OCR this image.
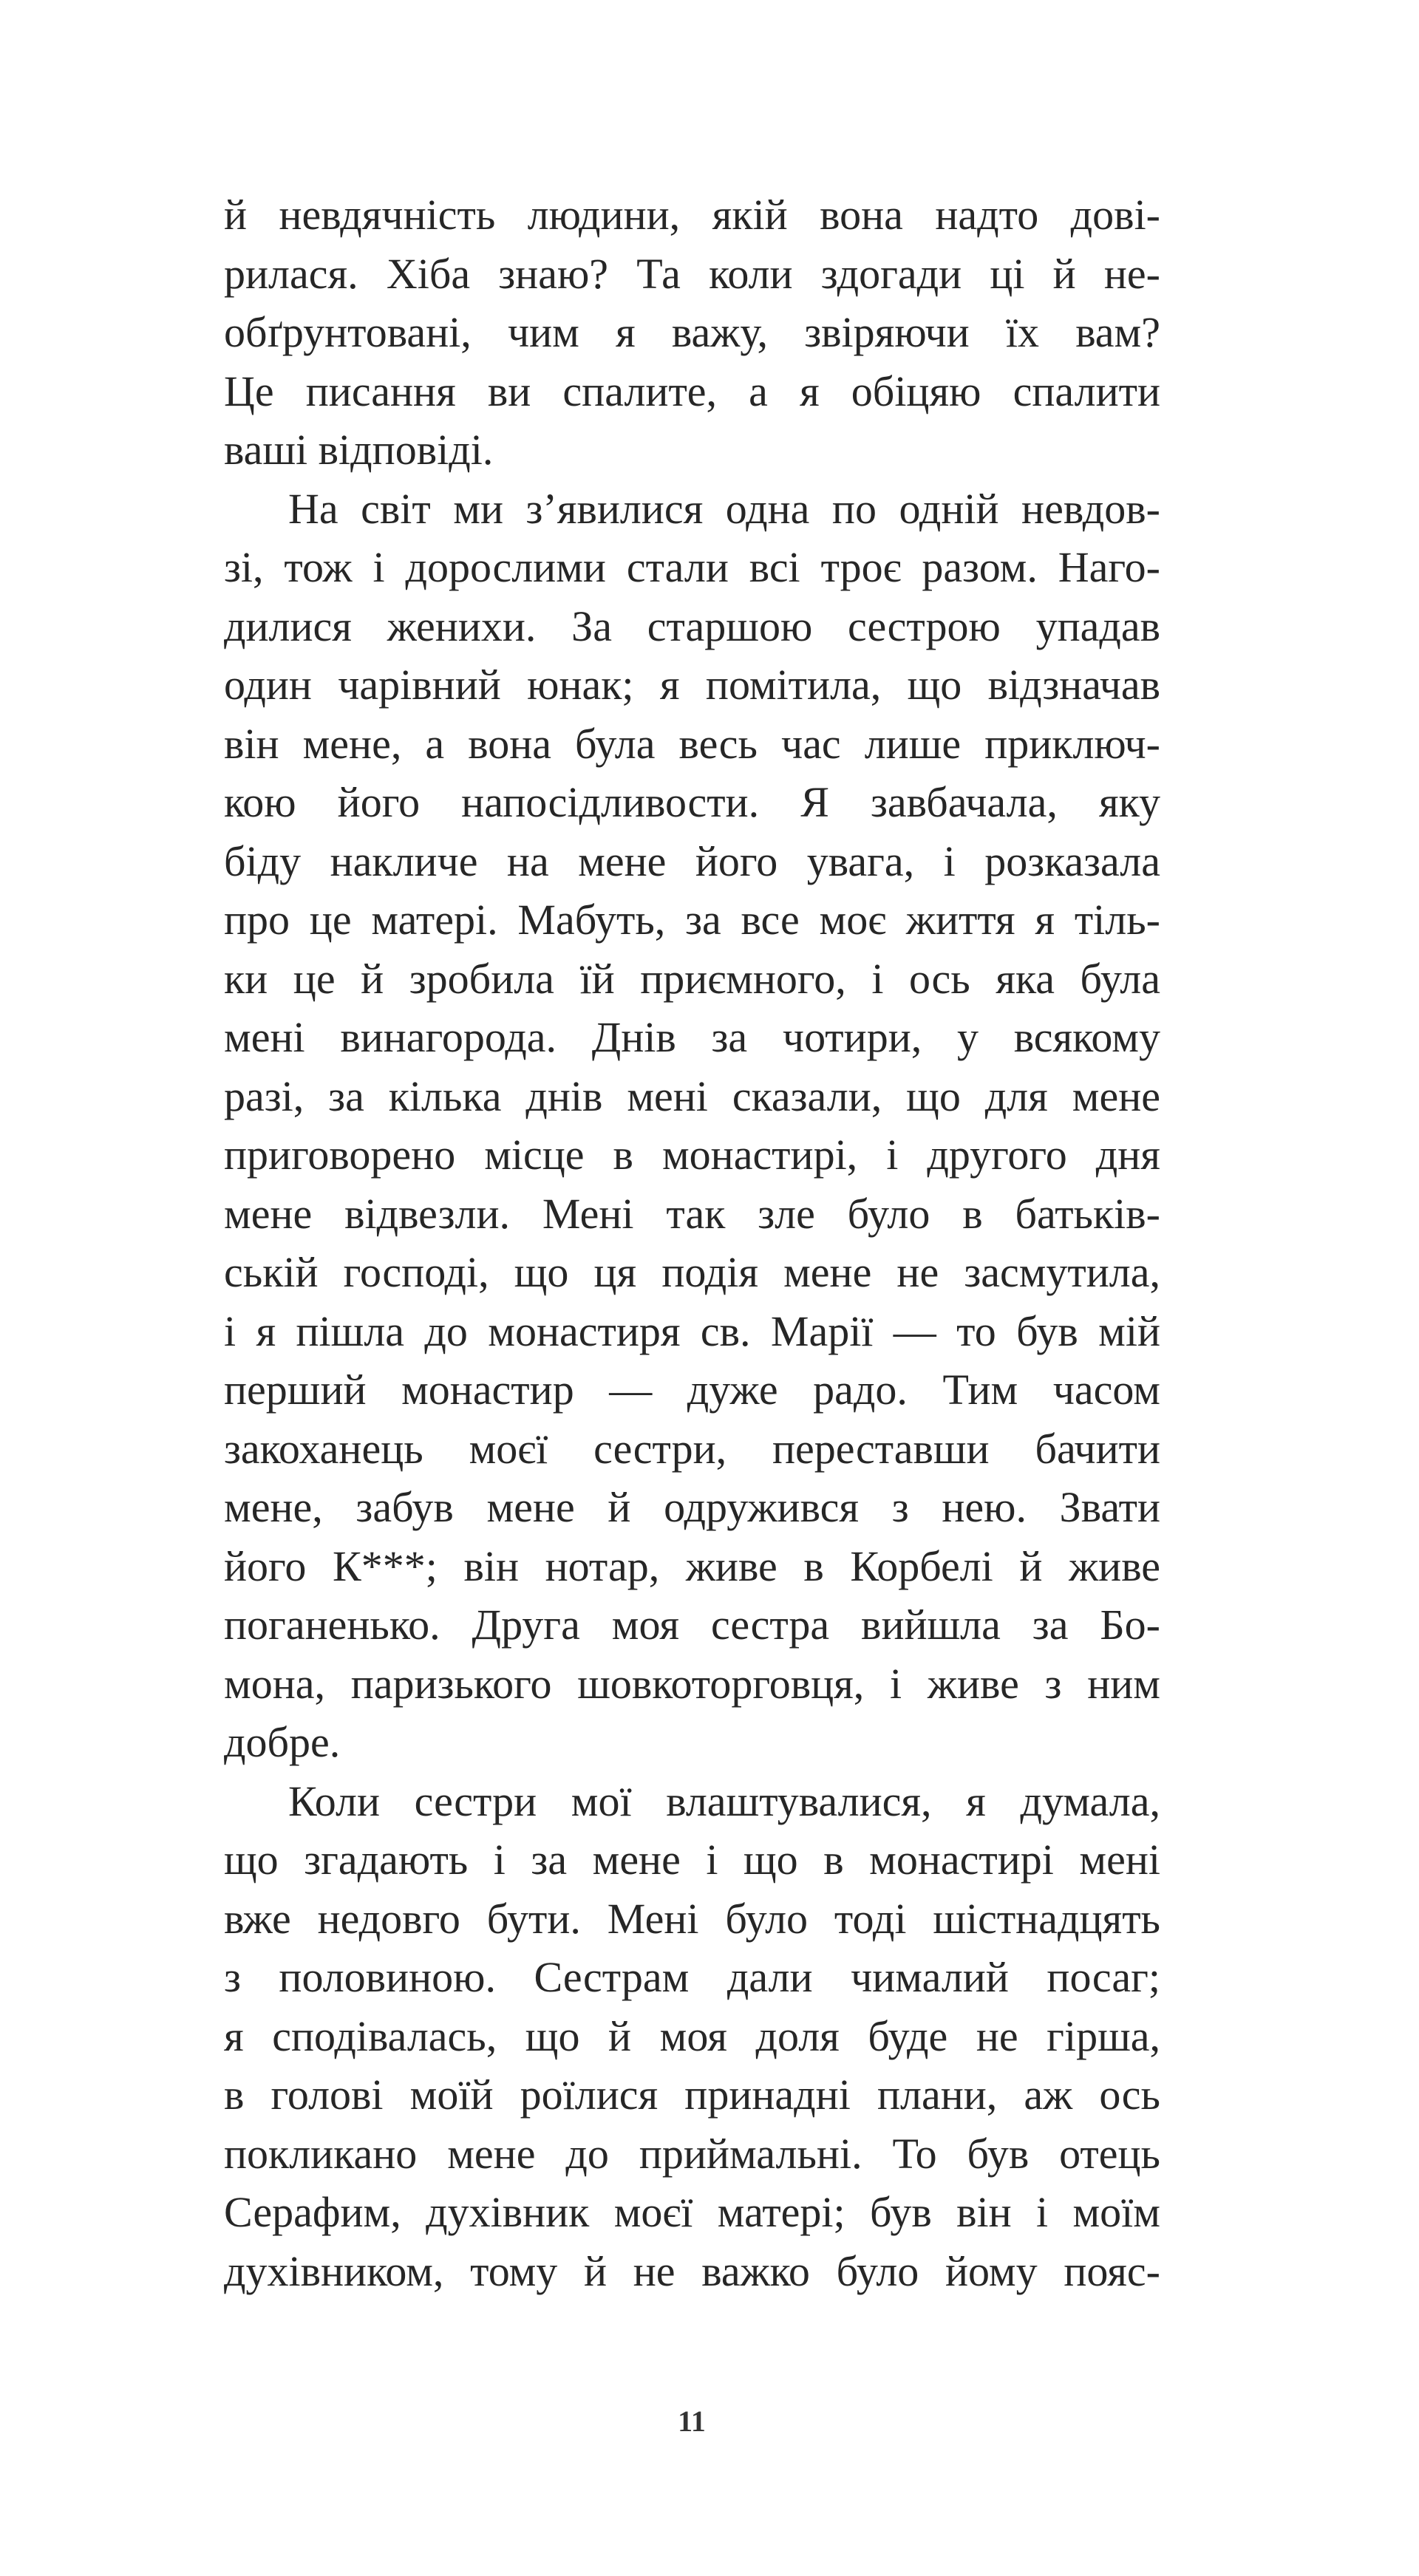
й невдячність людини, якій вона надто дові-
рилася. Хіба знаю? Та коли здогади ці й не-
обґрунтовані, чим я важу, звіряючи їх вам?
Це писання ви спалите, а я обіцяю спалити
ваші відповіді.
На світ ми з’явилися одна по одній невдов-
зі, тож і дорослими стали всі троє разом. Наго-
дилися женихи. За старшою сестрою упадав
один чарівний юнак; я помітила, що відзначав
він мене, а вона була весь час лише приключ-
кою його напосідливости. Я завбачала, яку
біду накличе на мене його увага, і розказала
про це матері. Мабуть, за все моє життя я тіль-
ки це й зробила їй приємного, і ось яка була
мені винагорода. Днів за чотири, у всякому
разі, за кілька днів мені сказали, що для мене
приговорено місце в монастирі, і другого дня
мене відвезли. Мені так зле було в батьків-
ській господі, що ця подія мене не засмутила,
і я пішла до монастиря св. Марії — то був мій
перший монастир — дуже радо. Тим часом
закоханець моєї сестри, переставши бачити
мене, забув мене й одружився з нею. Звати
його К***; він нотар, живе в Корбелі й живе
поганенько. Друга моя сестра вийшла за Бо-
мона, паризького шовкоторговця, і живе з ним
добре.
Коли сестри мої влаштувалися, я думала,
що згадають і за мене і що в монастирі мені
вже недовго бути. Мені було тоді шістнадцять
з половиною. Сестрам дали чималий посаг;
я сподівалась, що й моя доля буде не гірша,
в голові моїй роїлися принадні плани, аж ось
покликано мене до приймальні. То був отець
Серафим, духівник моєї матері; був він і моїм
духівником, тому й не важко було йому пояс-
11
